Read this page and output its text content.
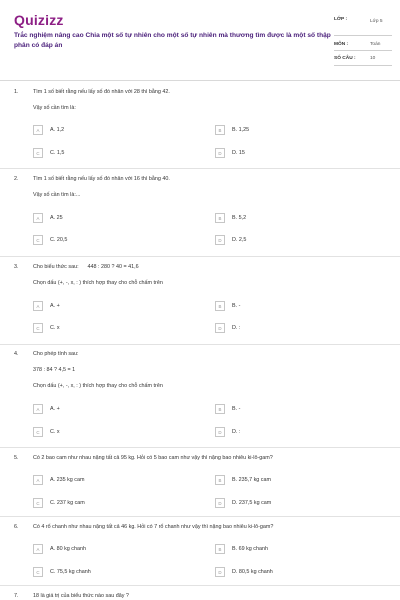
Quizizz
Trắc nghiệm nâng cao Chia một số tự nhiên cho một số tự nhiên mà thương tìm được là một số thập phân có đáp án
LỚP :	Lớp 5
MÔN :	Toán
SỐ CÂU :	10
1.	Tìm 1 số biết rằng nếu lấy số đó nhân với 28 thì bằng 42.
Vậy số cần tìm là:
A	A. 1,2	B	B. 1,25
C	C. 1,5	D	D. 15
2.	Tìm 1 số biết rằng nếu lấy số đó nhân với 16 thì bằng 40.
Vậy số cần tìm là:...
A	A. 25	B	B. 5,2
C	C. 20,5	D	D. 2,5
3.	Cho biểu thức sau:      448 : 280 ? 40 = 41,6
Chọn dấu (+, -, x, : ) thích hợp thay cho chỗ chấm trên
A	A. +	B	B. -
C	C. x	D	D. :
4.	Cho phép tính sau:
378 : 84 ? 4,5 = 1
Chọn dấu (+, -, x, : ) thích hợp thay cho chỗ chấm trên
A	A. +	B	B. -
C	C. x	D	D. :
5.	Có 2 bao cam như nhau nặng tất cả 95 kg. Hỏi có 5 bao cam như vậy thì nặng bao nhiêu ki-lô-gam?
A	A. 235 kg cam	B	B. 235,7 kg cam
C	C. 237 kg cam	D	D. 237,5 kg cam
6.	Có 4 rổ chanh như nhau nặng tất cả 46 kg. Hỏi có 7 rổ chanh như vậy thì nặng bao nhiêu ki-lô-gam?
A	A. 80 kg chanh	B	B. 69 kg chanh
C	C. 75,5 kg chanh	D	D. 80,5 kg chanh
7.	18 là giá trị của biểu thức nào sau đây ?
